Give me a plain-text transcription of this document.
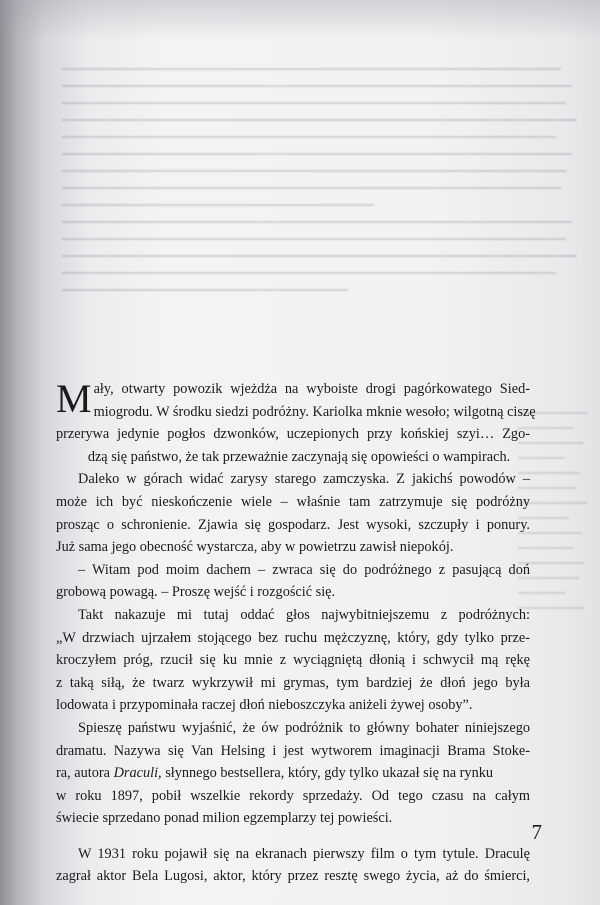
M ały, otwarty powozik wjeżdża na wyboiste drogi pagórkowatego Sied-
miogrodu. W środku siedzi podróżny. Kariolka mknie wesoło; wilgotną ciszę
przerywa jedynie pogłos dzwonków, uczepionych przy końskiej szyi… Zgo-
dzą się państwo, że tak przeważnie zaczynają się opowieści o wampirach.
Daleko w górach widać zarysy starego zamczyska. Z jakichś powodów –
może ich być nieskończenie wiele – właśnie tam zatrzymuje się podróżny
prosząc o schronienie. Zjawia się gospodarz. Jest wysoki, szczupły i ponury.
Już sama jego obecność wystarcza, aby w powietrzu zawisł niepokój.
– Witam pod moim dachem – zwraca się do podróżnego z pasującą doń
grobową powagą. – Proszę wejść i rozgościć się.
Takt nakazuje mi tutaj oddać głos najwybitniejszemu z podróżnych:
„W drzwiach ujrzałem stojącego bez ruchu mężczyznę, który, gdy tylko prze-
kroczyłem próg, rzucił się ku mnie z wyciągniętą dłonią i schwycił mą rękę
z taką siłą, że twarz wykrzywił mi grymas, tym bardziej że dłoń jego była
lodowata i przypominała raczej dłoń nieboszczyka aniżeli żywej osoby”.
Spieszę państwu wyjaśnić, że ów podróżnik to główny bohater niniejszego
dramatu. Nazywa się Van Helsing i jest wytworem imaginacji Brama Stoke-
ra, autora Draculi, słynnego bestsellera, który, gdy tylko ukazał się na rynku
w roku 1897, pobił wszelkie rekordy sprzedaży. Od tego czasu na całym
świecie sprzedano ponad milion egzemplarzy tej powieści.
W 1931 roku pojawił się na ekranach pierwszy film o tym tytule. Draculę
zagrał aktor Bela Lugosi, aktor, który przez resztę swego życia, aż do śmierci,
7
